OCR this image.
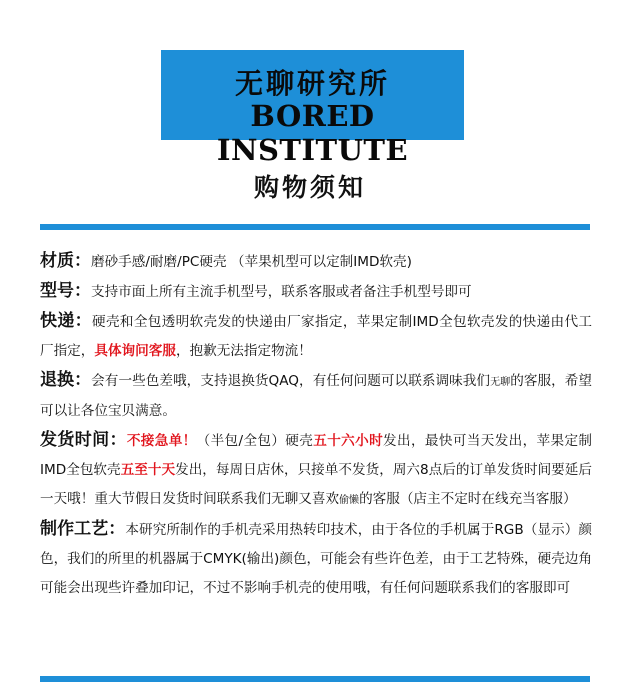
无聊研究所
BORED INSTITUTE
购物须知

材质：磨砂手感/耐磨/PC硬壳 （苹果机型可以定制IMD软壳)

型号：支持市面上所有主流手机型号，联系客服或者备注手机型号即可

快递：硬壳和全包透明软壳发的快递由厂家指定，苹果定制IMD全包软壳发的快递由代工厂指定，具体询问客服，抱歉无法指定物流！

退换：会有一些色差哦，支持退换货QAQ，有任何问题可以联系调味我们无聊的客服，希望可以让各位宝贝满意。

发货时间：不接急单！（半包/全包）硬壳五十六小时发出，最快可当天发出，苹果定制IMD全包软壳五至十天发出，每周日店休，只接单不发货，周六8点后的订单发货时间要延后一天哦！重大节假日发货时间联系我们无聊又喜欢偷懒的客服（店主不定时在线充当客服）

制作工艺：本研究所制作的手机壳采用热转印技术，由于各位的手机属于RGB（显示）颜色，我们的所里的机器属于CMYK(输出)颜色，可能会有些许色差，由于工艺特殊，硬壳边角可能会出现些许叠加印记，不过不影响手机壳的使用哦，有任何问题联系我们的客服即可
